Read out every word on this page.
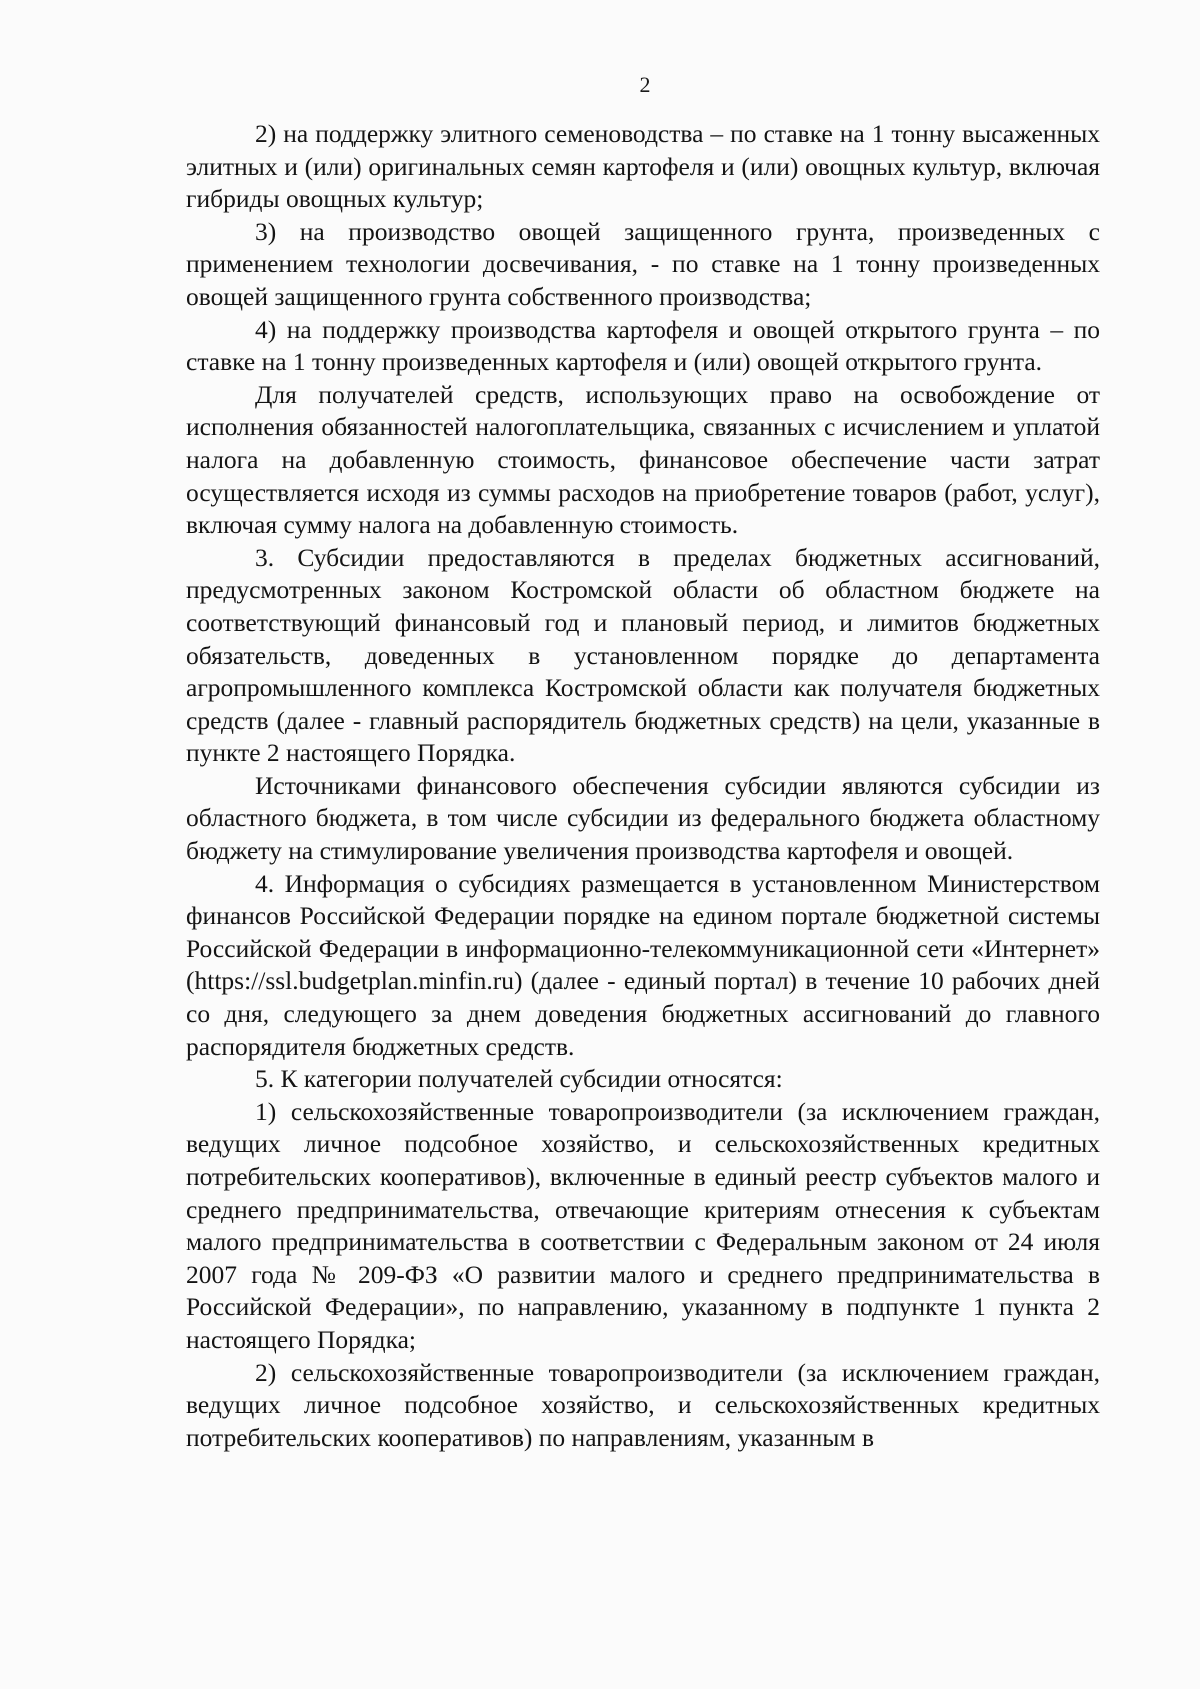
2

2) на поддержку элитного семеноводства – по ставке на 1 тонну высаженных элитных и (или) оригинальных семян картофеля и (или) овощных культур, включая гибриды овощных культур;

3) на производство овощей защищенного грунта, произведенных с применением технологии досвечивания, - по ставке на 1 тонну произведенных овощей защищенного грунта собственного производства;

4) на поддержку производства картофеля и овощей открытого грунта – по ставке на 1 тонну произведенных картофеля и (или) овощей открытого грунта.

Для получателей средств, использующих право на освобождение от исполнения обязанностей налогоплательщика, связанных с исчислением и уплатой налога на добавленную стоимость, финансовое обеспечение части затрат осуществляется исходя из суммы расходов на приобретение товаров (работ, услуг), включая сумму налога на добавленную стоимость.

3. Субсидии предоставляются в пределах бюджетных ассигнований, предусмотренных законом Костромской области об областном бюджете на соответствующий финансовый год и плановый период, и лимитов бюджетных обязательств, доведенных в установленном порядке до департамента агропромышленного комплекса Костромской области как получателя бюджетных средств (далее - главный распорядитель бюджетных средств) на цели, указанные в пункте 2 настоящего Порядка.

Источниками финансового обеспечения субсидии являются субсидии из областного бюджета, в том числе субсидии из федерального бюджета областному бюджету на стимулирование увеличения производства картофеля и овощей.

4. Информация о субсидиях размещается в установленном Министерством финансов Российской Федерации порядке на едином портале бюджетной системы Российской Федерации в информационно-телекоммуникационной сети «Интернет» (https://ssl.budgetplan.minfin.ru) (далее - единый портал) в течение 10 рабочих дней со дня, следующего за днем доведения бюджетных ассигнований до главного распорядителя бюджетных средств.

5. К категории получателей субсидии относятся:

1) сельскохозяйственные товаропроизводители (за исключением граждан, ведущих личное подсобное хозяйство, и сельскохозяйственных кредитных потребительских кооперативов), включенные в единый реестр субъектов малого и среднего предпринимательства, отвечающие критериям отнесения к субъектам малого предпринимательства в соответствии с Федеральным законом от 24 июля 2007 года № 209-ФЗ «О развитии малого и среднего предпринимательства в Российской Федерации», по направлению, указанному в подпункте 1 пункта 2 настоящего Порядка;

2) сельскохозяйственные товаропроизводители (за исключением граждан, ведущих личное подсобное хозяйство, и сельскохозяйственных кредитных потребительских кооперативов) по направлениям, указанным в
